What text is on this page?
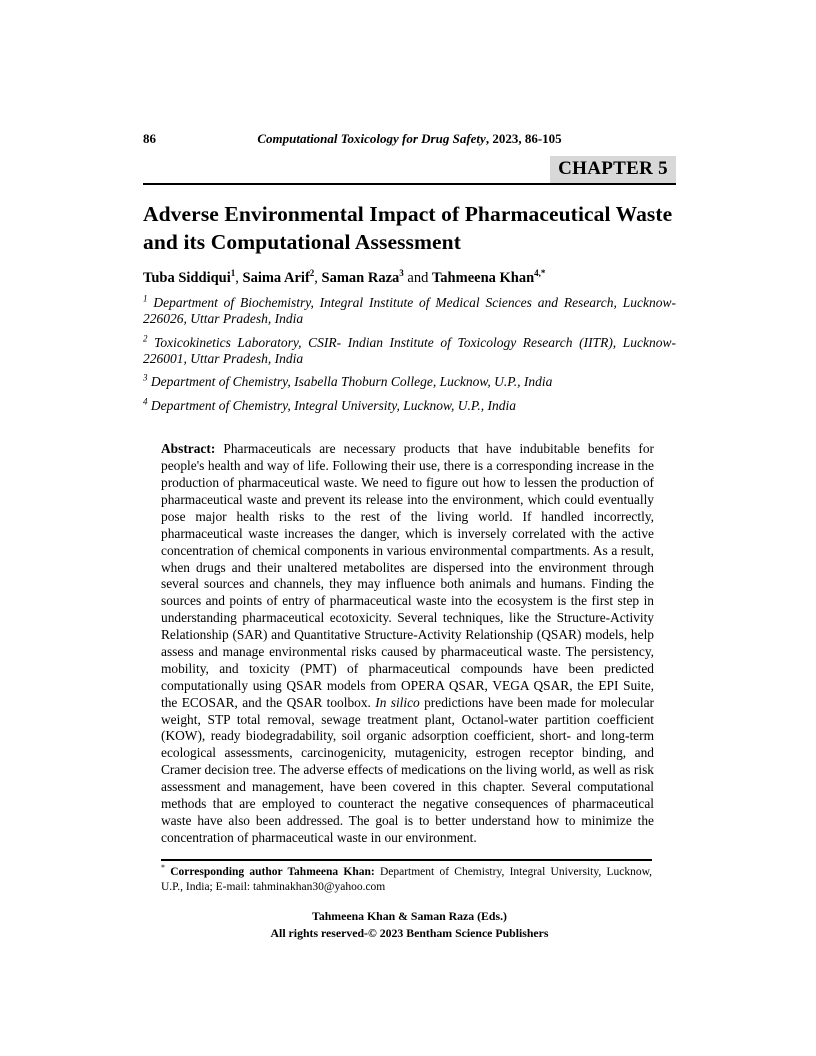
86	Computational Toxicology for Drug Safety, 2023, 86-105
CHAPTER 5
Adverse Environmental Impact of Pharmaceutical Waste and its Computational Assessment

Tuba Siddiqui$^1$, Saima Arif$^2$, Saman Raza$^3$ and Tahmeena Khan$^{4,*}$

$^1$ Department of Biochemistry, Integral Institute of Medical Sciences and Research, Lucknow-226026, Uttar Pradesh, India

$^2$ Toxicokinetics Laboratory, CSIR- Indian Institute of Toxicology Research (IITR), Lucknow-226001, Uttar Pradesh, India

$^3$ Department of Chemistry, Isabella Thoburn College, Lucknow, U.P., India

$^4$ Department of Chemistry, Integral University, Lucknow, U.P., India

Abstract: Pharmaceuticals are necessary products that have indubitable benefits for people's health and way of life. Following their use, there is a corresponding increase in the production of pharmaceutical waste. We need to figure out how to lessen the production of pharmaceutical waste and prevent its release into the environment, which could eventually pose major health risks to the rest of the living world. If handled incorrectly, pharmaceutical waste increases the danger, which is inversely correlated with the active concentration of chemical components in various environmental compartments. As a result, when drugs and their unaltered metabolites are dispersed into the environment through several sources and channels, they may influence both animals and humans. Finding the sources and points of entry of pharmaceutical waste into the ecosystem is the first step in understanding pharmaceutical ecotoxicity. Several techniques, like the Structure-Activity Relationship (SAR) and Quantitative Structure-Activity Relationship (QSAR) models, help assess and manage environmental risks caused by pharmaceutical waste. The persistency, mobility, and toxicity (PMT) of pharmaceutical compounds have been predicted computationally using QSAR models from OPERA QSAR, VEGA QSAR, the EPI Suite, the ECOSAR, and the QSAR toolbox. In silico predictions have been made for molecular weight, STP total removal, sewage treatment plant, Octanol-water partition coefficient (KOW), ready biodegradability, soil organic adsorption coefficient, short- and long-term ecological assessments, carcinogenicity, mutagenicity, estrogen receptor binding, and Cramer decision tree. The adverse effects of medications on the living world, as well as risk assessment and management, have been covered in this chapter. Several computational methods that are employed to counteract the negative consequences of pharmaceutical waste have also been addressed. The goal is to better understand how to minimize the concentration of pharmaceutical waste in our environment.

* Corresponding author Tahmeena Khan: Department of Chemistry, Integral University, Lucknow, U.P., India; E-mail: tahminakhan30@yahoo.com

Tahmeena Khan & Saman Raza (Eds.)
All rights reserved-© 2023 Bentham Science Publishers
